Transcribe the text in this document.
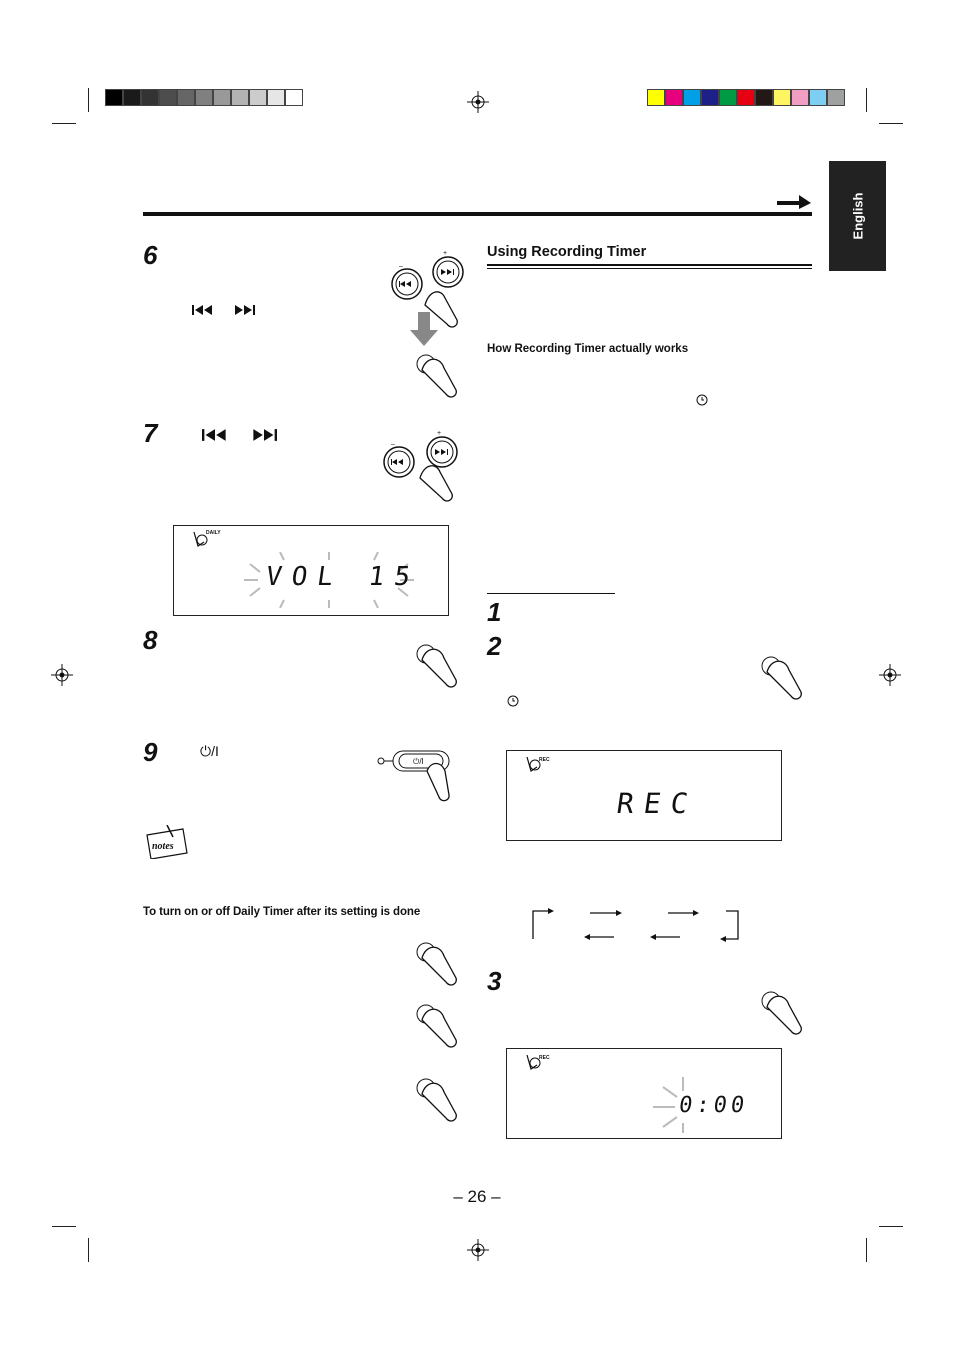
English
6
7
8
9
–
+
–
+
DAILY
VOL 15
⏻/I
⏻/I
notes
To turn on or off Daily Timer after its setting is done
Using Recording Timer
How Recording Timer actually works
1
2
3
REC
REC
REC
0:00
– 26 –
